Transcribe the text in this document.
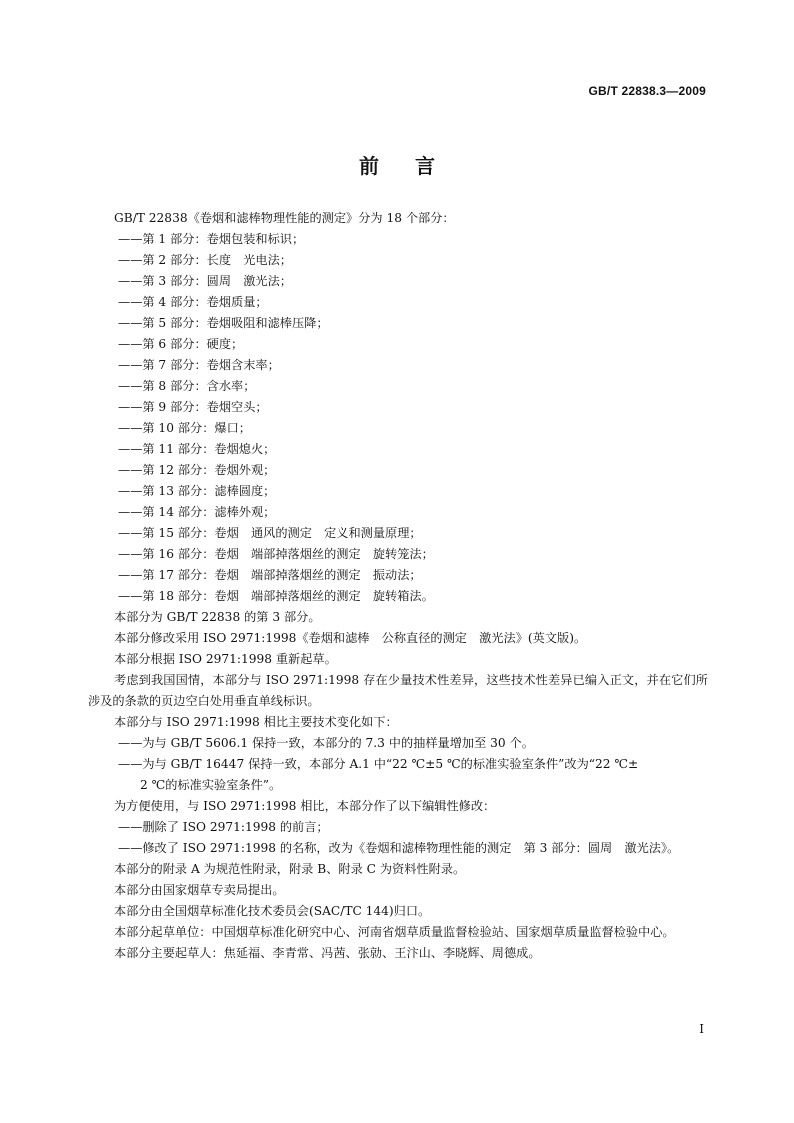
GB/T 22838.3—2009
前言
GB/T 22838《卷烟和滤棒物理性能的测定》分为 18 个部分：
——第 1 部分：卷烟包装和标识；
——第 2 部分：长度　光电法；
——第 3 部分：圆周　激光法；
——第 4 部分：卷烟质量；
——第 5 部分：卷烟吸阻和滤棒压降；
——第 6 部分：硬度；
——第 7 部分：卷烟含末率；
——第 8 部分：含水率；
——第 9 部分：卷烟空头；
——第 10 部分：爆口；
——第 11 部分：卷烟熄火；
——第 12 部分：卷烟外观；
——第 13 部分：滤棒圆度；
——第 14 部分：滤棒外观；
——第 15 部分：卷烟　通风的测定　定义和测量原理；
——第 16 部分：卷烟　端部掉落烟丝的测定　旋转笼法；
——第 17 部分：卷烟　端部掉落烟丝的测定　振动法；
——第 18 部分：卷烟　端部掉落烟丝的测定　旋转箱法。
本部分为 GB/T 22838 的第 3 部分。
本部分修改采用 ISO 2971:1998《卷烟和滤棒　公称直径的测定　激光法》(英文版)。
本部分根据 ISO 2971:1998 重新起草。
考虑到我国国情，本部分与 ISO 2971:1998 存在少量技术性差异，这些技术性差异已编入正文，并在它们所涉及的条款的页边空白处用垂直单线标识。
本部分与 ISO 2971:1998 相比主要技术变化如下：
——为与 GB/T 5606.1 保持一致，本部分的 7.3 中的抽样量增加至 30 个。
——为与 GB/T 16447 保持一致，本部分 A.1 中“22 ℃±5 ℃的标准实验室条件”改为“22 ℃±
2 ℃的标准实验室条件”。
为方便使用，与 ISO 2971:1998 相比，本部分作了以下编辑性修改：
——删除了 ISO 2971:1998 的前言；
——修改了 ISO 2971:1998 的名称，改为《卷烟和滤棒物理性能的测定　第 3 部分：圆周　激光法》。
本部分的附录 A 为规范性附录，附录 B、附录 C 为资料性附录。
本部分由国家烟草专卖局提出。
本部分由全国烟草标准化技术委员会(SAC/TC 144)归口。
本部分起草单位：中国烟草标准化研究中心、河南省烟草质量监督检验站、国家烟草质量监督检验中心。
本部分主要起草人：焦延福、李青常、冯茜、张勍、王汴山、李晓辉、周德成。
I
